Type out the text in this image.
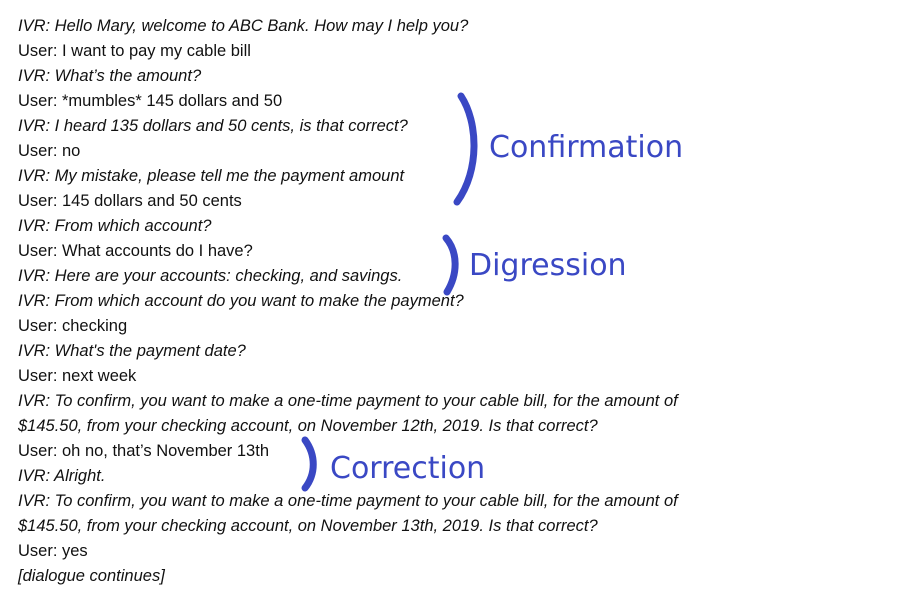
IVR: Hello Mary, welcome to ABC Bank. How may I help you?
User: I want to pay my cable bill
IVR: What’s the amount?
User: *mumbles* 145 dollars and 50
IVR: I heard 135 dollars and 50 cents, is that correct?
User: no
IVR: My mistake, please tell me the payment amount
User: 145 dollars and 50 cents
IVR: From which account?
User: What accounts do I have?
IVR: Here are your accounts: checking, and savings.
IVR: From which account do you want to make the payment?
User: checking
IVR: What's the payment date?
User: next week
IVR: To confirm, you want to make a one-time payment to your cable bill, for the amount of
$145.50, from your checking account, on November 12th, 2019. Is that correct?
User: oh no, that’s November 13th
IVR: Alright.
IVR: To confirm, you want to make a one-time payment to your cable bill, for the amount of
$145.50, from your checking account, on November 13th, 2019. Is that correct?
User: yes
[dialogue continues]
Confirmation
Digression
Correction
